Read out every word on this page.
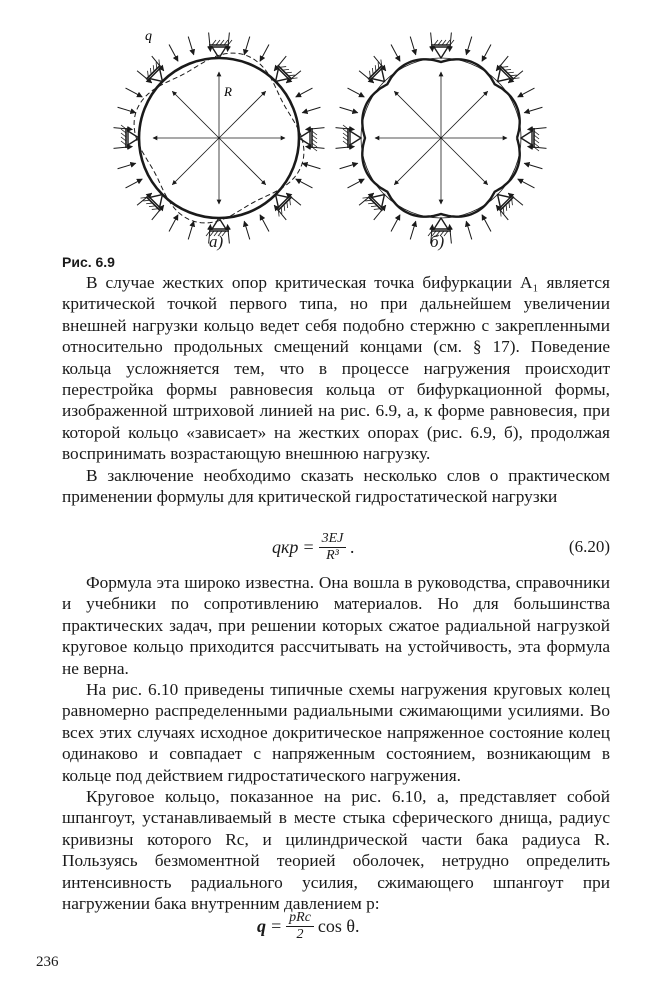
q
R
а)	б)
Рис. 6.9

В случае жестких опор критическая точка бифуркации A₁ является критической точкой первого типа, но при дальнейшем увеличении внешней нагрузки кольцо ведет себя подобно стержню с закрепленными относительно продольных смещений концами (см. § 17). Поведение кольца усложняется тем, что в процессе нагружения происходит перестройка формы равновесия кольца от бифуркационной формы, изображенной штриховой линией на рис. 6.9, а, к форме равновесия, при которой кольцо «зависает» на жестких опорах (рис. 6.9, б), продолжая воспринимать возрастающую внешнюю нагрузку.

В заключение необходимо сказать несколько слов о практическом применении формулы для критической гидростатической нагрузки

qкр = $\frac{3EJ}{\text{R³}}$ .	(6.20)

Формула эта широко известна. Она вошла в руководства, справочники и учебники по сопротивлению материалов. Но для большинства практических задач, при решении которых сжатое радиальной нагрузкой круговое кольцо приходится рассчитывать на устойчивость, эта формула не верна.

На рис. 6.10 приведены типичные схемы нагружения круговых колец равномерно распределенными радиальными сжимающими усилиями. Во всех этих случаях исходное докритическое напряженное состояние колец одинаково и совпадает с напряженным состоянием, возникающим в кольце под действием гидростатического нагружения.

Круговое кольцо, показанное на рис. 6.10, а, представляет собой шпангоут, устанавливаемый в месте стыка сферического днища, радиус кривизны которого Rс, и цилиндрической части бака радиуса R. Пользуясь безмоментной теорией оболочек, нетрудно определить интенсивность радиального усилия, сжимающего шпангоут при нагружении бака внутренним давлением p:

$q = \frac{\text{pRс}}{2}$ cos θ.
236
